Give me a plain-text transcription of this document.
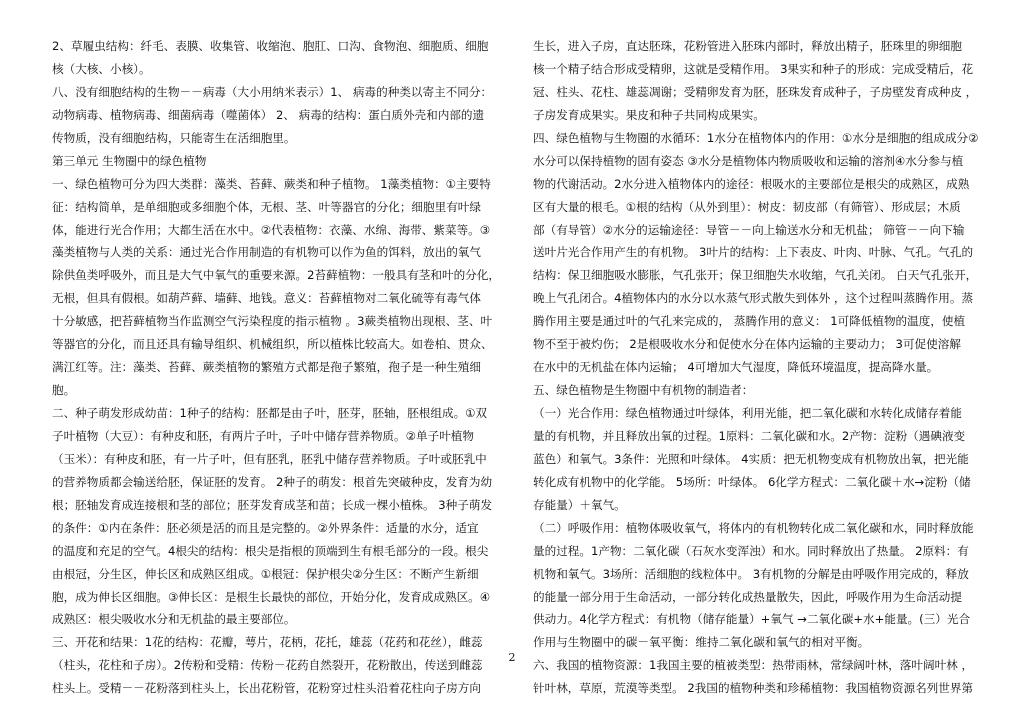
2、草履虫结构：纤毛、表膜、收集管、收缩泡、胞肛、口沟、食物泡、细胞质、细胞
核（大核、小核）。
八、没有细胞结构的生物－－病毒（大小用纳米表示）1、 病毒的种类以寄主不同分：
动物病毒、植物病毒、细菌病毒（噬菌体） 2、 病毒的结构：蛋白质外壳和内部的遗
传物质，没有细胞结构，只能寄生在活细胞里。
第三单元 生物圈中的绿色植物
一、绿色植物可分为四大类群：藻类、苔藓、蕨类和种子植物。 1藻类植物：①主要特
征：结构简单，是单细胞或多细胞个体，无根、茎、叶等器官的分化；细胞里有叶绿
体，能进行光合作用；大都生活在水中。②代表植物：衣藻、水绵、海带、紫菜等。③
藻类植物与人类的关系：通过光合作用制造的有机物可以作为鱼的饵料，放出的氧气
除供鱼类呼吸外，而且是大气中氧气的重要来源。2苔藓植物：一般具有茎和叶的分化，
无根，但具有假根。如葫芦藓、墙藓、地钱。意义：苔藓植物对二氧化硫等有毒气体
十分敏感，把苔藓植物当作监测空气污染程度的指示植物 。3蕨类植物出现根、茎、叶
等器官的分化，而且还具有输导组织、机械组织，所以植株比较高大。如卷柏、贯众、
满江红等。注：藻类、苔藓、蕨类植物的繁殖方式都是孢子繁殖，孢子是一种生殖细
胞。
二、种子萌发形成幼苗：1种子的结构：胚都是由子叶，胚芽，胚轴，胚根组成。①双
子叶植物（大豆）：有种皮和胚，有两片子叶，子叶中储存营养物质。②单子叶植物
（玉米）：有种皮和胚，有一片子叶，但有胚乳，胚乳中储存营养物质。子叶或胚乳中
的营养物质都会输送给胚，保证胚的发育。 2种子的萌发：根首先突破种皮，发育为幼
根；胚轴发育成连接根和茎的部位；胚芽发育成茎和苗；长成一棵小植株。 3种子萌发
的条件：①内在条件：胚必须是活的而且是完整的。②外界条件：适量的水分，适宜
的温度和充足的空气。4根尖的结构：根尖是指根的顶端到生有根毛部分的一段。根尖
由根冠，分生区，伸长区和成熟区组成。①根冠：保护根尖②分生区：不断产生新细
胞，成为伸长区细胞。③伸长区：是根生长最快的部位，开始分化，发育成成熟区。④
成熟区：根尖吸收水分和无机盐的最主要部位。
三、开花和结果：1花的结构：花瓣，萼片，花柄，花托，雄蕊（花药和花丝），雌蕊
（柱头，花柱和子房）。2传粉和受精：传粉－花药自然裂开，花粉散出，传送到雌蕊
柱头上。受精－－花粉落到柱头上，长出花粉管，花粉穿过柱头沿着花柱向子房方向
生长，进入子房，直达胚珠，花粉管进入胚珠内部时，释放出精子，胚珠里的卵细胞
核一个精子结合形成受精卵，这就是受精作用。 3果实和种子的形成：完成受精后，花
冠、柱头、花柱、雄蕊凋谢；受精卵发育为胚，胚珠发育成种子，子房壁发育成种皮 ，
子房发育成果实。果皮和种子共同构成果实。
四、绿色植物与生物圈的水循环：1水分在植物体内的作用：①水分是细胞的组成成分②
水分可以保持植物的固有姿态 ③水分是植物体内物质吸收和运输的溶剂④水分参与植
物的代谢活动。2水分进入植物体内的途径：根吸水的主要部位是根尖的成熟区，成熟
区有大量的根毛。①根的结构（从外到里）：树皮：韧皮部（有筛管）、形成层；木质
部（有导管）②水分的运输途径：导管－－向上输送水分和无机盐； 筛管－－向下输
送叶片光合作用产生的有机物。 3叶片的结构：上下表皮、叶肉、叶脉、气孔。气孔的
结构：保卫细胞吸水膨胀，气孔张开；保卫细胞失水收缩，气孔关闭。 白天气孔张开，
晚上气孔闭合。4植物体内的水分以水蒸气形式散失到体外 ，这个过程叫蒸腾作用。蒸
腾作用主要是通过叶的气孔来完成的， 蒸腾作用的意义： 1可降低植物的温度，使植
物不至于被灼伤； 2是根吸收水分和促使水分在体内运输的主要动力； 3可促使溶解
在水中的无机盐在体内运输； 4可增加大气湿度，降低环境温度，提高降水量。
五、绿色植物是生物圈中有机物的制造者：
（一）光合作用：绿色植物通过叶绿体，利用光能，把二氧化碳和水转化成储存着能
量的有机物，并且释放出氧的过程。1原料：二氧化碳和水。2产物：淀粉（遇碘液变
蓝色）和氧气。3条件：光照和叶绿体。 4实质：把无机物变成有机物放出氧，把光能
转化成有机物中的化学能。 5场所：叶绿体。 6化学方程式：二氧化碳＋水→淀粉（储
存能量）＋氧气。
（二）呼吸作用：植物体吸收氧气，将体内的有机物转化成二氧化碳和水，同时释放能
量的过程。1产物：二氧化碳（石灰水变浑浊）和水。同时释放出了热量。 2原料：有
机物和氧气。3场所：活细胞的线粒体中。 3有机物的分解是由呼吸作用完成的，释放
的能量一部分用于生命活动，一部分转化成热量散失，因此，呼吸作用为生命活动提
供动力。4化学方程式：有机物（储存能量）+氧气 →二氧化碳+水+能量。(三）光合
作用与生物圈中的碳－氧平衡：维持二氧化碳和氧气的相对平衡。
六、我国的植物资源：1我国主要的植被类型：热带雨林，常绿阔叶林，落叶阔叶林 ，
针叶林，草原，荒漠等类型。 2我国的植物种类和珍稀植物：我国植物资源名列世界第
2
